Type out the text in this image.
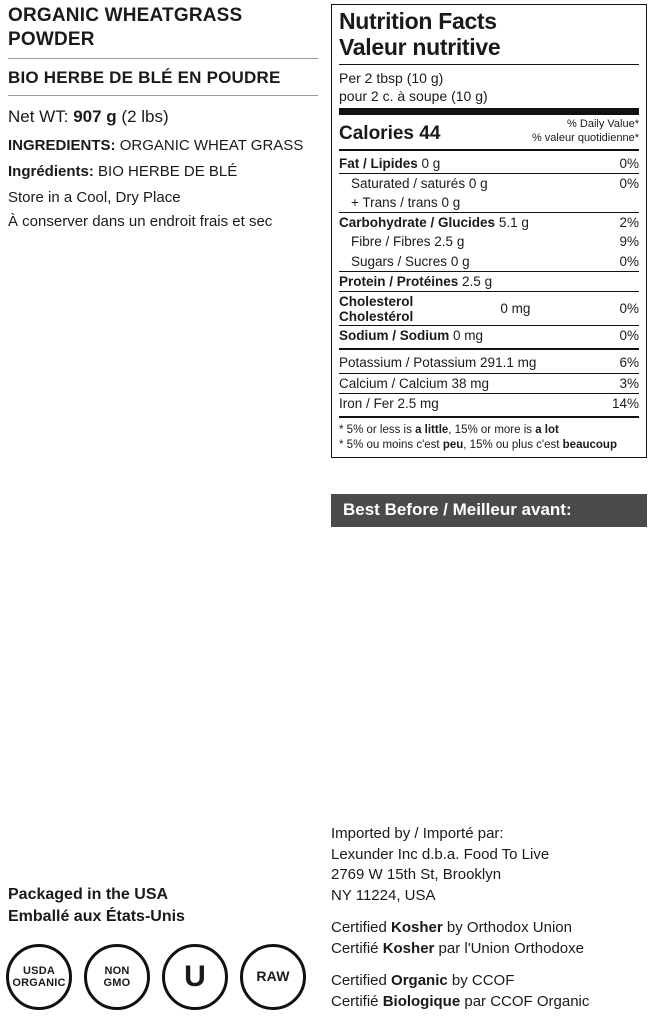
ORGANIC WHEATGRASS POWDER
BIO HERBE DE BLÉ EN POUDRE
Net WT: 907 g (2 lbs)
INGREDIENTS: ORGANIC WHEAT GRASS
Ingrédients: BIO HERBE DE BLÉ
Store in a Cool, Dry Place
À conserver dans un endroit frais et sec
Packaged in the USA
Emballé aux États-Unis
USDA
ORGANIC
NON
GMO U	RAW
Nutrition Facts
Valeur nutritive
Per 2 tbsp (10 g)
pour 2 c. à soupe (10 g)
Calories 44	% Daily Value*
% valeur quotidienne*
Fat / Lipides 0 g	0%
Saturated / saturés 0 g	0%
+ Trans / trans 0 g
Carbohydrate / Glucides 5.1 g	2%
Fibre / Fibres 2.5 g	9%
Sugars / Sucres 0 g	0%
Protein / Protéines 2.5 g
Cholesterol
Cholestérol
0 mg	0%
Sodium / Sodium 0 mg	0%
Potassium / Potassium 291.1 mg	6%
Calcium / Calcium 38 mg	3%
Iron / Fer 2.5 mg	14%
* 5% or less is a little, 15% or more is a lot
* 5% ou moins c'est peu, 15% ou plus c'est beaucoup
Best Before / Meilleur avant:
Imported by / Importé par:
Lexunder Inc d.b.a. Food To Live
2769 W 15th St, Brooklyn
NY 11224, USA
Certified Kosher by Orthodox Union
Certifié Kosher par l'Union Orthodoxe
Certified Organic by CCOF
Certifié Biologique par CCOF Organic
